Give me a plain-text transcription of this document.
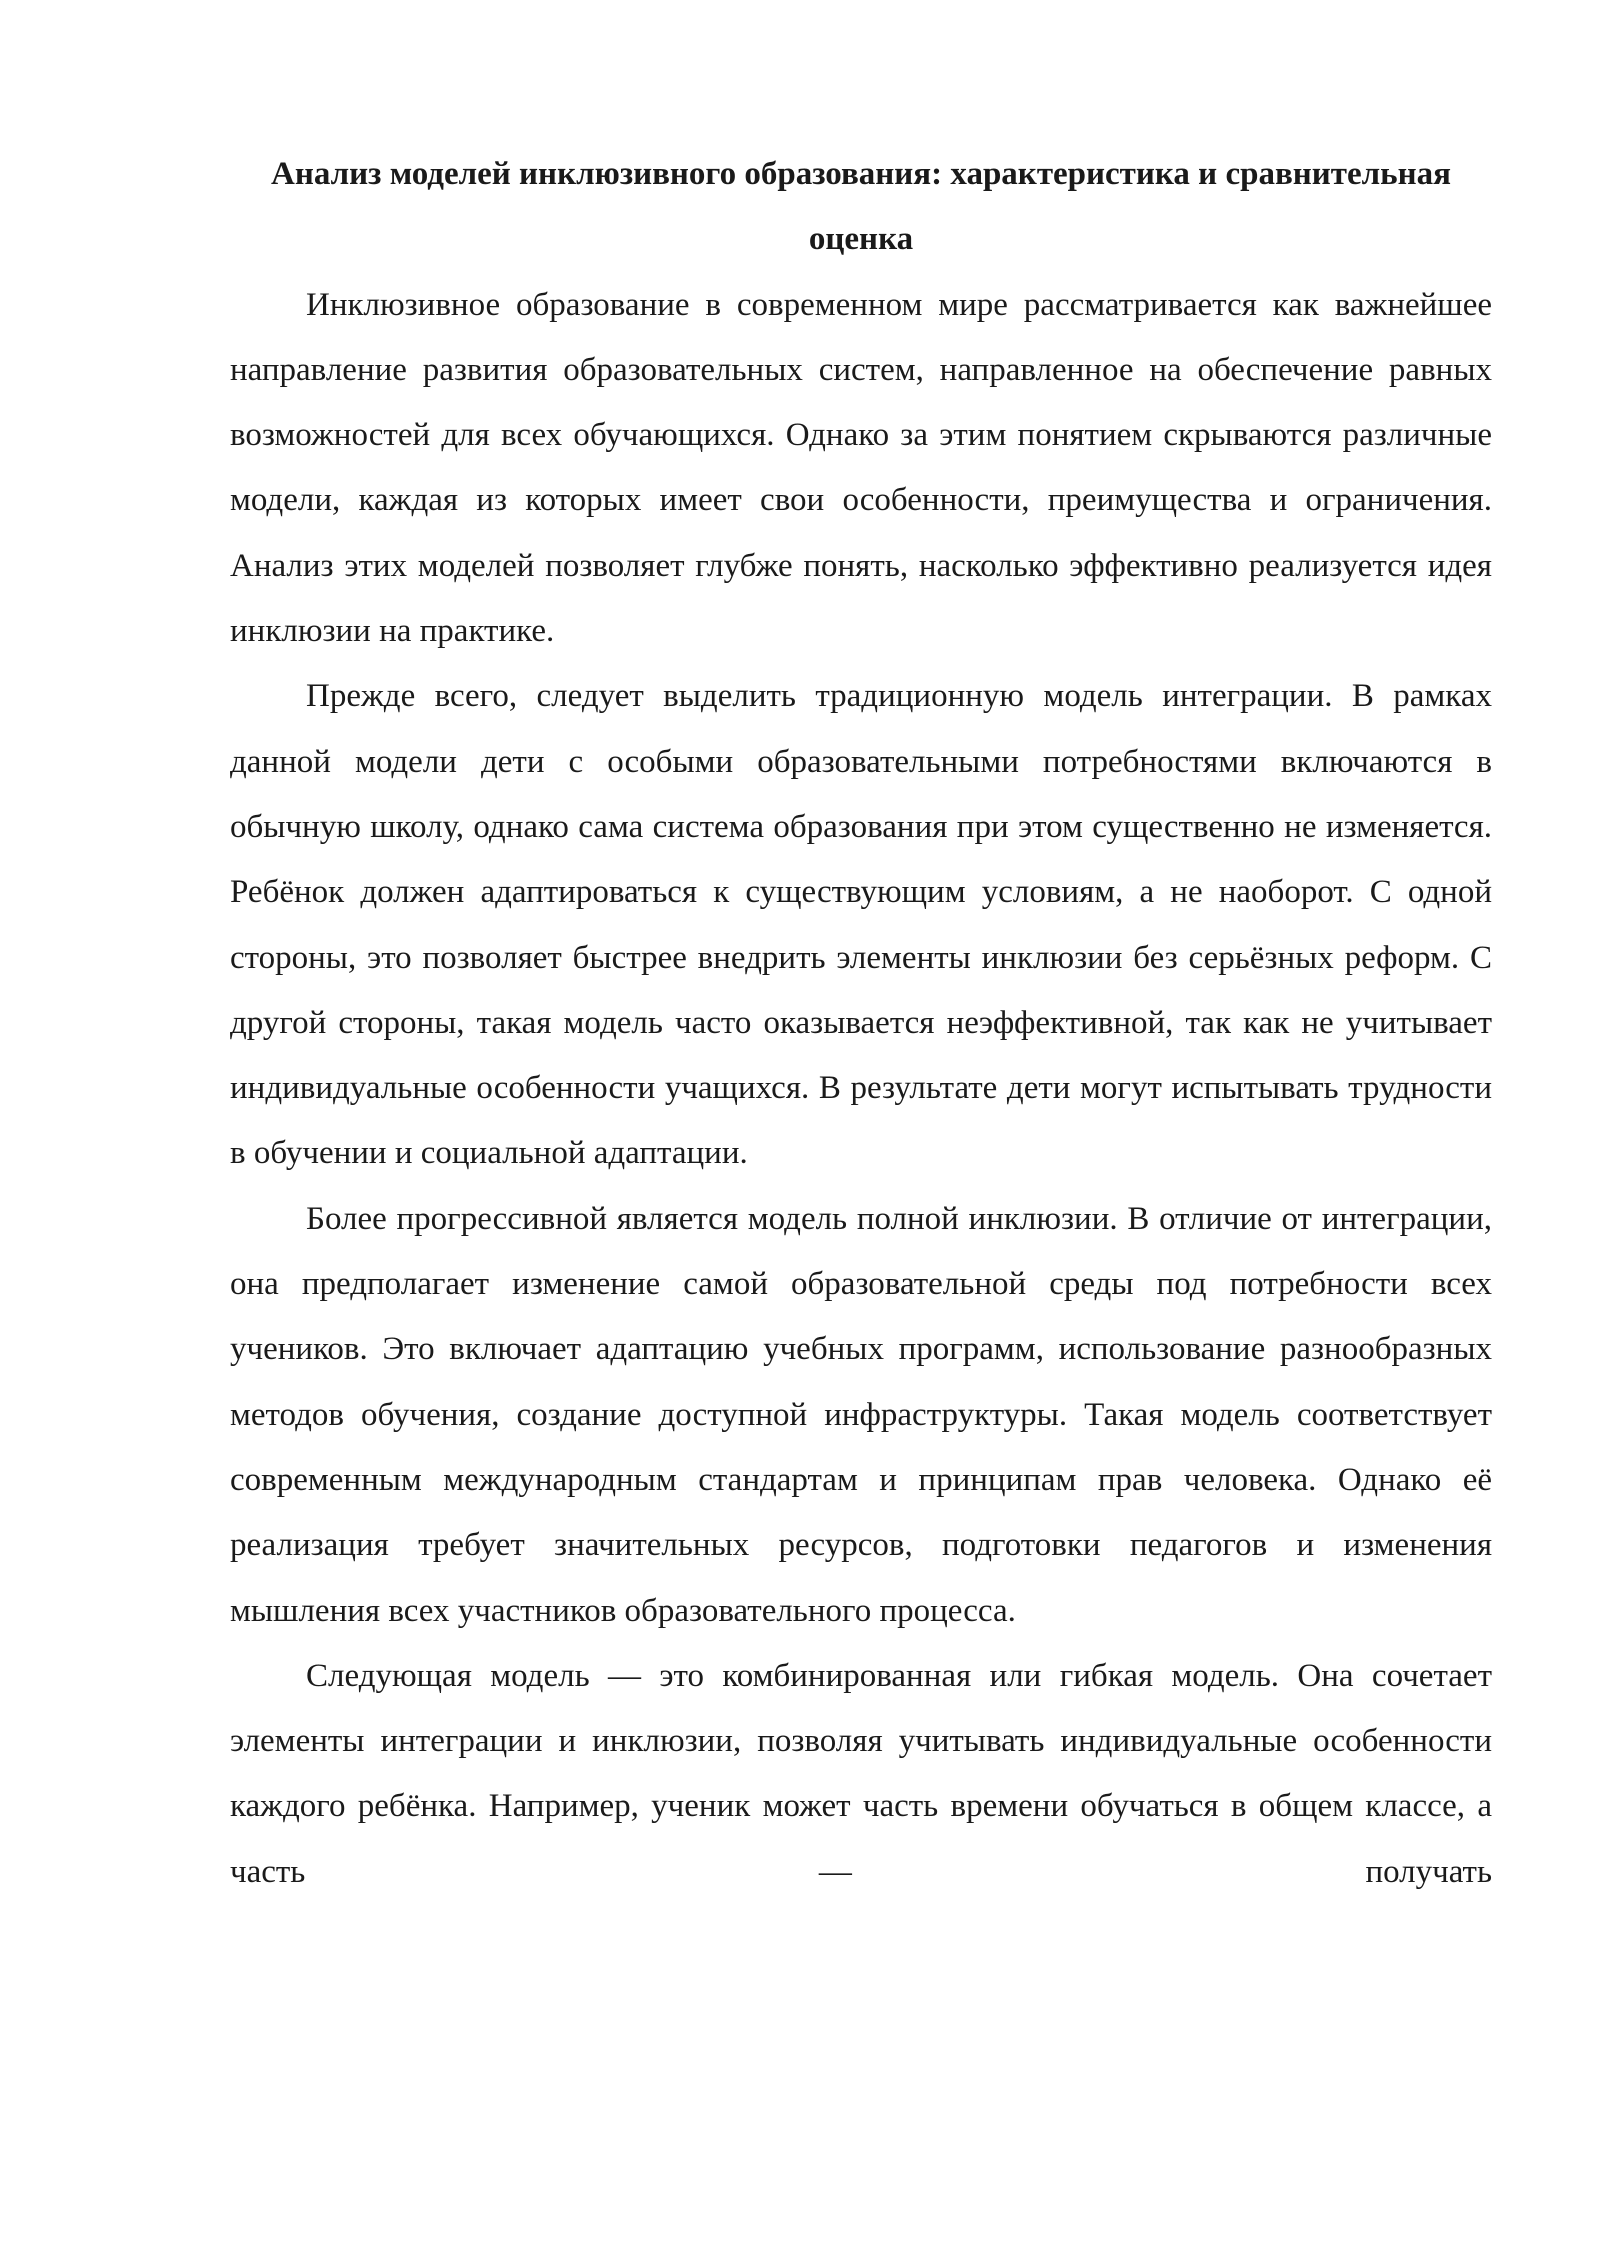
Анализ моделей инклюзивного образования: характеристика и сравнительная оценка

Инклюзивное образование в современном мире рассматривается как важнейшее направление развития образовательных систем, направленное на обеспечение равных возможностей для всех обучающихся. Однако за этим понятием скрываются различные модели, каждая из которых имеет свои особенности, преимущества и ограничения. Анализ этих моделей позволяет глубже понять, насколько эффективно реализуется идея инклюзии на практике.

Прежде всего, следует выделить традиционную модель интеграции. В рамках данной модели дети с особыми образовательными потребностями включаются в обычную школу, однако сама система образования при этом существенно не изменяется. Ребёнок должен адаптироваться к существующим условиям, а не наоборот. С одной стороны, это позволяет быстрее внедрить элементы инклюзии без серьёзных реформ. С другой стороны, такая модель часто оказывается неэффективной, так как не учитывает индивидуальные особенности учащихся. В результате дети могут испытывать трудности в обучении и социальной адаптации.

Более прогрессивной является модель полной инклюзии. В отличие от интеграции, она предполагает изменение самой образовательной среды под потребности всех учеников. Это включает адаптацию учебных программ, использование разнообразных методов обучения, создание доступной инфраструктуры. Такая модель соответствует современным международным стандартам и принципам прав человека. Однако её реализация требует значительных ресурсов, подготовки педагогов и изменения мышления всех участников образовательного процесса.

Следующая модель — это комбинированная или гибкая модель. Она сочетает элементы интеграции и инклюзии, позволяя учитывать индивидуальные особенности каждого ребёнка. Например, ученик может часть времени обучаться в общем классе, а часть — получать
